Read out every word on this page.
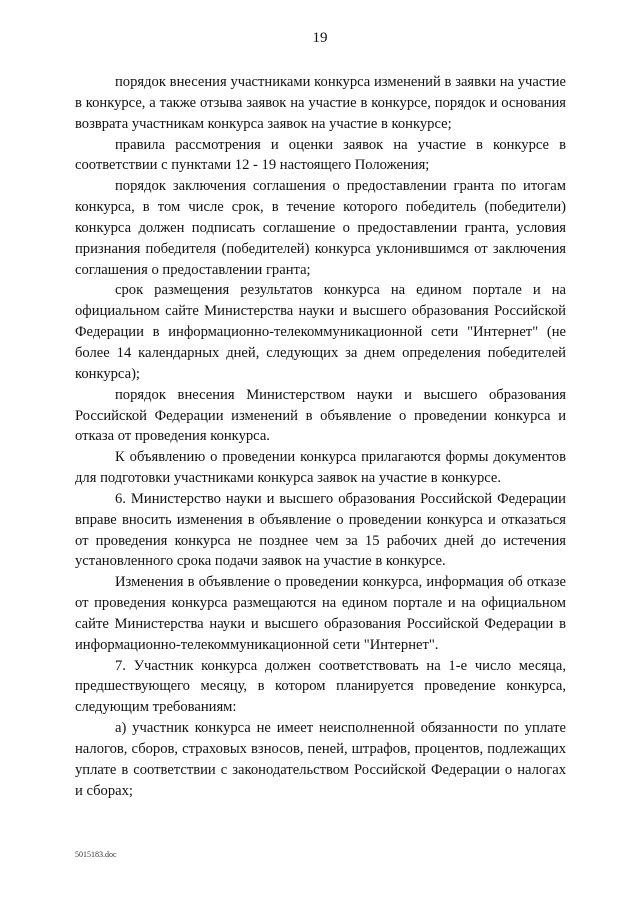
19

порядок внесения участниками конкурса изменений в заявки на участие в конкурсе, а также отзыва заявок на участие в конкурсе, порядок и основания возврата участникам конкурса заявок на участие в конкурсе;

правила рассмотрения и оценки заявок на участие в конкурсе в соответствии с пунктами 12 - 19 настоящего Положения;

порядок заключения соглашения о предоставлении гранта по итогам конкурса, в том числе срок, в течение которого победитель (победители) конкурса должен подписать соглашение о предоставлении гранта, условия признания победителя (победителей) конкурса уклонившимся от заключения соглашения о предоставлении гранта;

срок размещения результатов конкурса на едином портале и на официальном сайте Министерства науки и высшего образования Российской Федерации в информационно-телекоммуникационной сети "Интернет" (не более 14 календарных дней, следующих за днем определения победителей конкурса);

порядок внесения Министерством науки и высшего образования Российской Федерации изменений в объявление о проведении конкурса и отказа от проведения конкурса.

К объявлению о проведении конкурса прилагаются формы документов для подготовки участниками конкурса заявок на участие в конкурсе.

6. Министерство науки и высшего образования Российской Федерации вправе вносить изменения в объявление о проведении конкурса и отказаться от проведения конкурса не позднее чем за 15 рабочих дней до истечения установленного срока подачи заявок на участие в конкурсе.

Изменения в объявление о проведении конкурса, информация об отказе от проведения конкурса размещаются на едином портале и на официальном сайте Министерства науки и высшего образования Российской Федерации в информационно-телекоммуникационной сети "Интернет".

7. Участник конкурса должен соответствовать на 1-е число месяца, предшествующего месяцу, в котором планируется проведение конкурса, следующим требованиям:

а) участник конкурса не имеет неисполненной обязанности по уплате налогов, сборов, страховых взносов, пеней, штрафов, процентов, подлежащих уплате в соответствии с законодательством Российской Федерации о налогах и сборах;

5015183.doc
